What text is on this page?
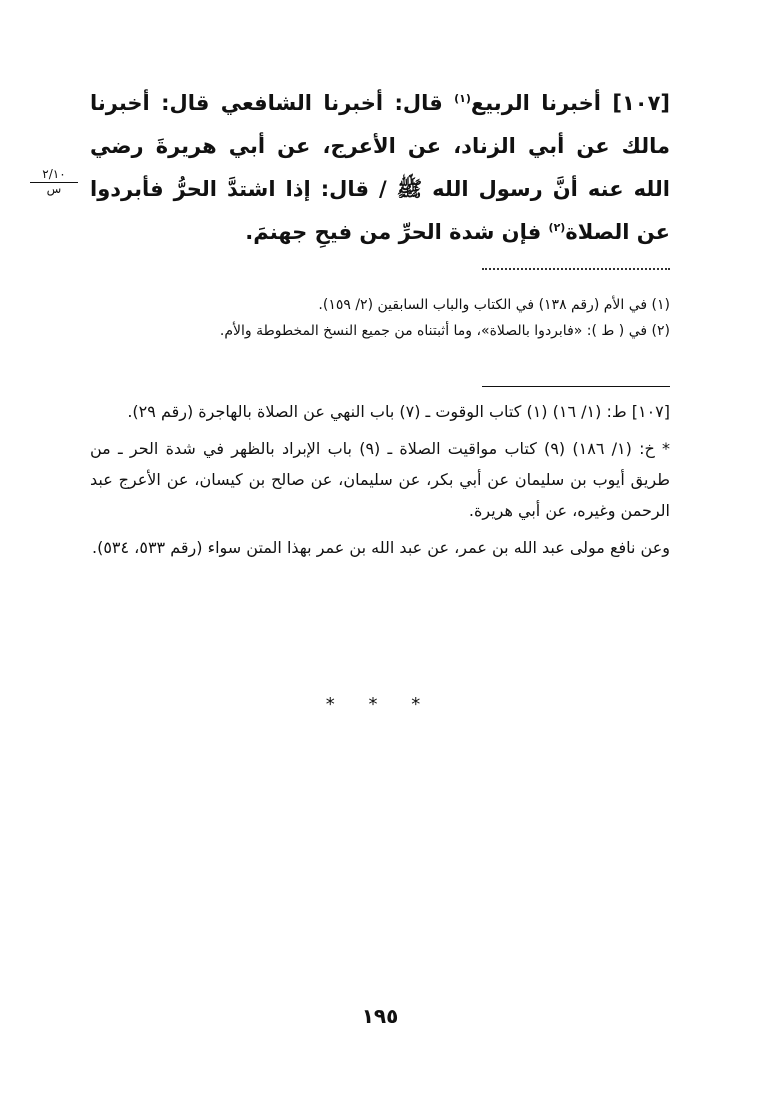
[١٠٧] أخبرنا الربيع$^{(١)}$ قال: أخبرنا الشافعي قال: أخبرنا مالك عن أبي الزناد، عن الأعرج، عن أبي هريرةَ رضي الله عنه أنَّ رسول الله ﷺ / قال: إذا اشتدَّ الحرُّ فأبردوا عن الصلاة$^{(٢)}$ فإن شدة الحرِّ من فيحِ جهنمَ.

٢/١٠
س

(١) في الأم (رقم ١٣٨) في الكتاب والباب السابقين (٢/ ١٥٩).

(٢) في ( ط ): «فابردوا بالصلاة»، وما أثبتناه من جميع النسخ المخطوطة والأم.

[١٠٧] ط: (١/ ١٦) (١) كتاب الوقوت ـ (٧) باب النهي عن الصلاة بالهاجرة (رقم ٢٩).

* خ: (١/ ١٨٦) (٩) كتاب مواقيت الصلاة ـ (٩) باب الإبراد بالظهر في شدة الحر ـ من طريق أيوب بن سليمان عن أبي بكر، عن سليمان، عن صالح بن كيسان، عن الأعرج عبد الرحمن وغيره، عن أبي هريرة.

وعن نافع مولى عبد الله بن عمر، عن عبد الله بن عمر بهذا المتن سواء (رقم ٥٣٣، ٥٣٤).

* * *
١٩٥
